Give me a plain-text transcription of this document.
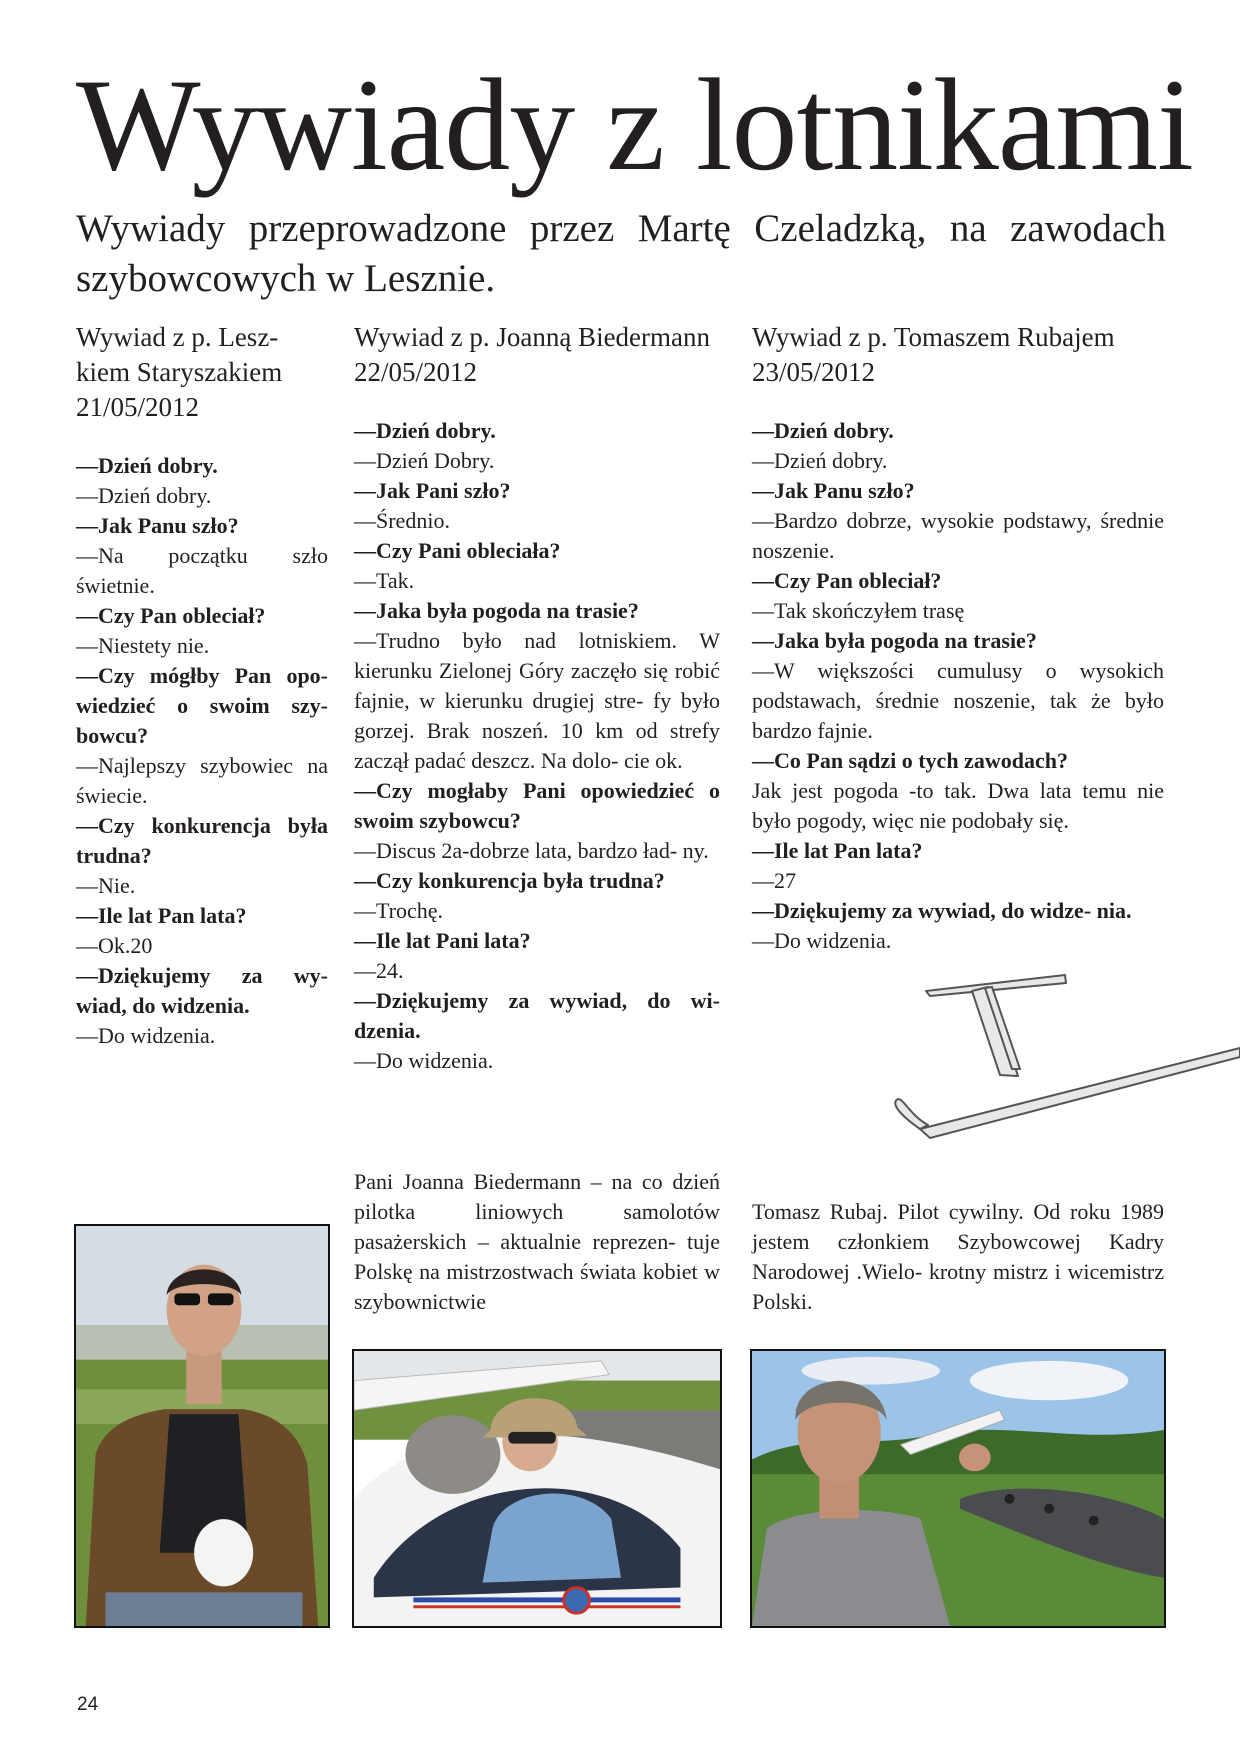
Wywiady z lotnikami

Wywiady przeprowadzone przez Martę Czeladzką, na zawodach szybowcowych w Lesznie.

Wywiad z p. Lesz- kiem Staryszakiem 21/05/2012

—Dzień dobry.

—Dzień dobry.

—Jak Panu szło?

—Na początku szło świetnie.

—Czy Pan obleciał?

—Niestety nie.

—Czy mógłby Pan opo- wiedzieć o swoim szy- bowcu?

—Najlepszy szybowiec na świecie.

—Czy konkurencja była trudna?

—Nie.

—Ile lat Pan lata?

—Ok.20

—Dziękujemy za wy- wiad, do widzenia.

—Do widzenia.

Wywiad z p. Joanną Biedermann 22/05/2012

—Dzień dobry.

—Dzień Dobry.

—Jak Pani szło?

—Średnio.

—Czy Pani obleciała?

—Tak.

—Jaka była pogoda na trasie?

—Trudno było nad lotniskiem. W kierunku Zielonej Góry zaczęło się robić fajnie, w kierunku drugiej stre- fy było gorzej. Brak noszeń. 10 km od strefy zaczął padać deszcz. Na dolo- cie ok.

—Czy mogłaby Pani opowiedzieć o swoim szybowcu?

—Discus 2a-dobrze lata, bardzo ład- ny.

—Czy konkurencja była trudna?

—Trochę.

—Ile lat Pani lata?

—24.

—Dziękujemy za wywiad, do wi- dzenia.

—Do widzenia.

Wywiad z p. Tomaszem Rubajem 23/05/2012

—Dzień dobry.

—Dzień dobry.

—Jak Panu szło?

—Bardzo dobrze, wysokie podstawy, średnie noszenie.

—Czy Pan obleciał?

—Tak skończyłem trasę

—Jaka była pogoda na trasie?

—W większości cumulusy o wysokich podstawach, średnie noszenie, tak że było bardzo fajnie.

—Co Pan sądzi o tych zawodach?

Jak jest pogoda -to tak. Dwa lata temu nie było pogody, więc nie podobały się.

—Ile lat Pan lata?

—27

—Dziękujemy za wywiad, do widze- nia.

—Do widzenia.

Pani Joanna Biedermann – na co dzień pilotka liniowych samolotów pasażerskich – aktualnie reprezen- tuje Polskę na mistrzostwach świata kobiet w szybownictwie

Tomasz Rubaj. Pilot cywilny. Od roku 1989 jestem członkiem Szybowcowej Kadry Narodowej .Wielo- krotny mistrz i wicemistrz Polski.

24
